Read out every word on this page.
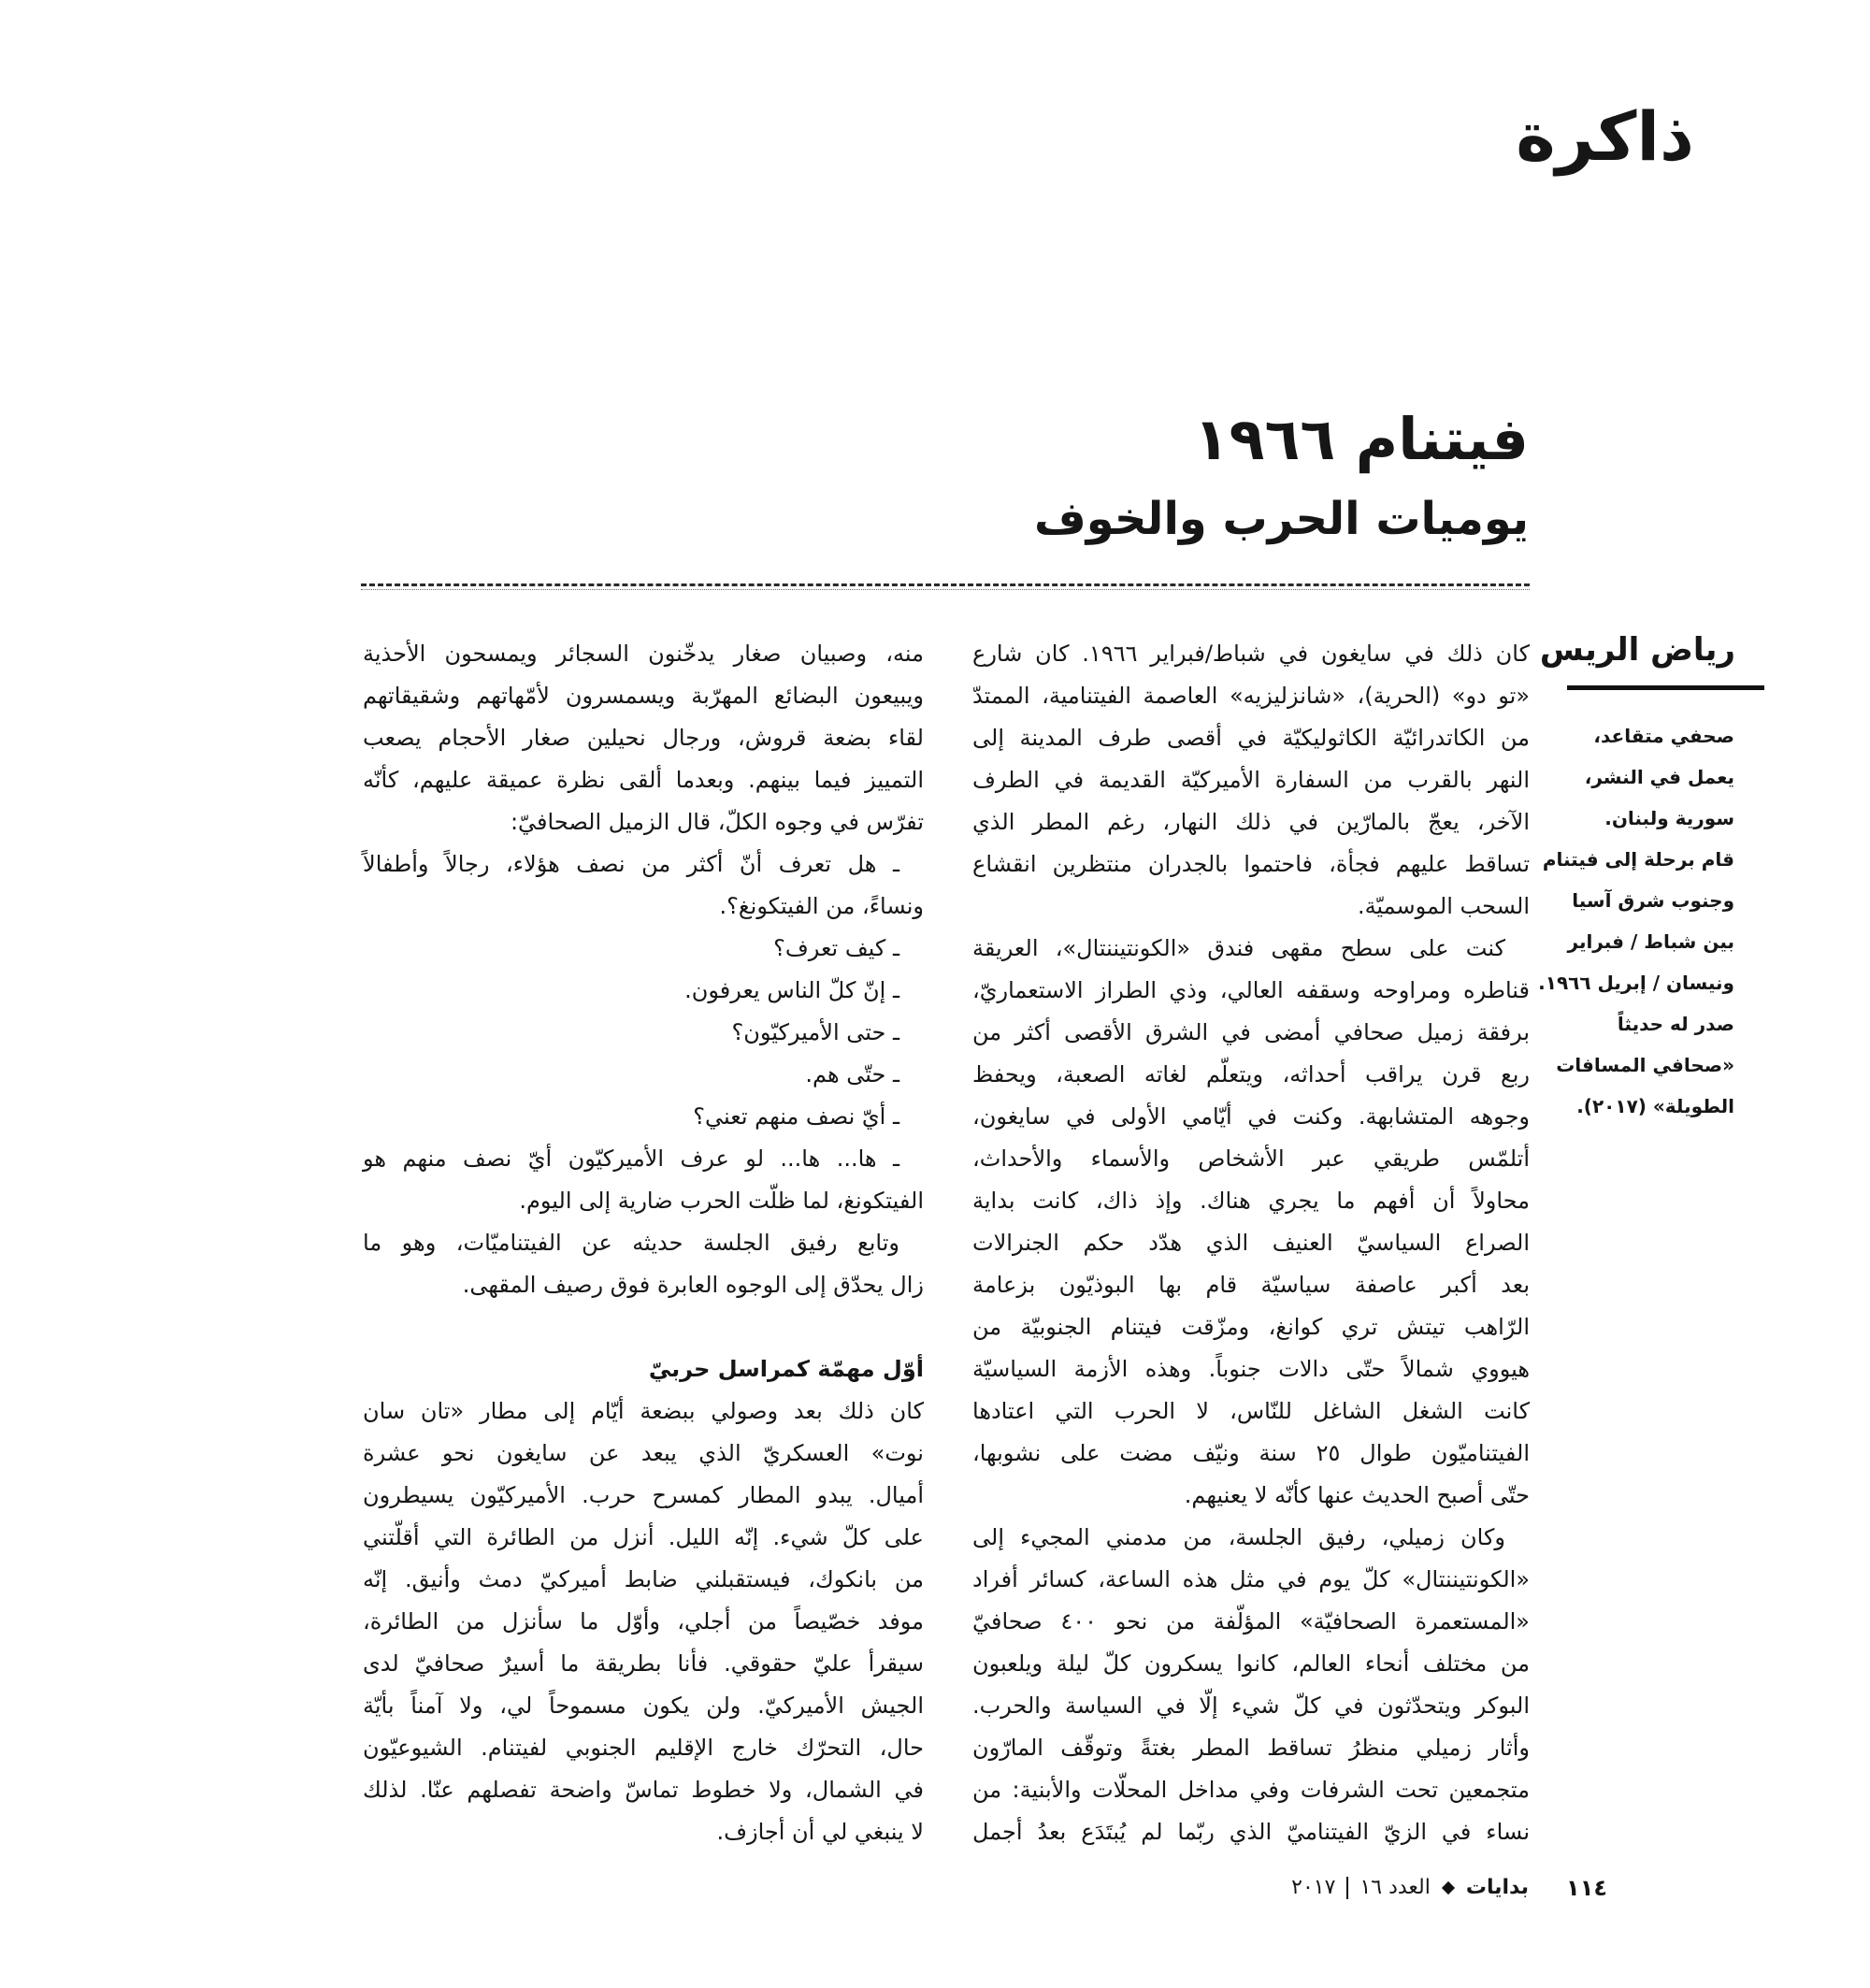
ذاكرة
فيتنام ١٩٦٦
يوميات الحرب والخوف
رياض الريس
صحفي متقاعد،
يعمل في النشر،
سورية ولبنان.
قام برحلة إلى فيتنام
وجنوب شرق آسيا
بين شباط / فبراير
ونيسان / إبريل ١٩٦٦.
صدر له حديثاً
«صحافي المسافات
الطويلة» (٢٠١٧).
كان ذلك في سايغون في شباط/فبراير ١٩٦٦. كان شارع
«تو دو» (الحرية)، «شانزليزيه» العاصمة الفيتنامية، الممتدّ
من الكاتدرائيّة الكاثوليكيّة في أقصى طرف المدينة إلى
النهر بالقرب من السفارة الأميركيّة القديمة في الطرف
الآخر، يعجّ بالمارّين في ذلك النهار، رغم المطر الذي
تساقط عليهم فجأة، فاحتموا بالجدران منتظرين انقشاع
السحب الموسميّة.
كنت على سطح مقهى فندق «الكونتيننتال»، العريقة
قناطره ومراوحه وسقفه العالي، وذي الطراز الاستعماريّ،
برفقة زميل صحافي أمضى في الشرق الأقصى أكثر من
ربع قرن يراقب أحداثه، ويتعلّم لغاته الصعبة، ويحفظ
وجوهه المتشابهة. وكنت في أيّامي الأولى في سايغون،
أتلمّس طريقي عبر الأشخاص والأسماء والأحداث،
محاولاً أن أفهم ما يجري هناك. وإذ ذاك، كانت بداية
الصراع السياسيّ العنيف الذي هدّد حكم الجنرالات
بعد أكبر عاصفة سياسيّة قام بها البوذيّون بزعامة
الرّاهب تيتش تري كوانغ، ومزّقت فيتنام الجنوبيّة من
هيووي شمالاً حتّى دالات جنوباً. وهذه الأزمة السياسيّة
كانت الشغل الشاغل للنّاس، لا الحرب التي اعتادها
الفيتناميّون طوال ٢٥ سنة ونيّف مضت على نشوبها،
حتّى أصبح الحديث عنها كأنّه لا يعنيهم.
وكان زميلي، رفيق الجلسة، من مدمني المجيء إلى
«الكونتيننتال» كلّ يوم في مثل هذه الساعة، كسائر أفراد
«المستعمرة الصحافيّة» المؤلّفة من نحو ٤٠٠ صحافيّ
من مختلف أنحاء العالم، كانوا يسكرون كلّ ليلة ويلعبون
البوكر ويتحدّثون في كلّ شيء إلّا في السياسة والحرب.
وأثار زميلي منظرُ تساقط المطر بغتةً وتوقّف المارّون
متجمعين تحت الشرفات وفي مداخل المحلّات والأبنية: من
نساء في الزيّ الفيتناميّ الذي ربّما لم يُبتَدَع بعدُ أجمل
منه، وصبيان صغار يدخّنون السجائر ويمسحون الأحذية
ويبيعون البضائع المهرّبة ويسمسرون لأمّهاتهم وشقيقاتهم
لقاء بضعة قروش، ورجال نحيلين صغار الأحجام يصعب
التمييز فيما بينهم. وبعدما ألقى نظرة عميقة عليهم، كأنّه
تفرّس في وجوه الكلّ، قال الزميل الصحافيّ:
ـ هل تعرف أنّ أكثر من نصف هؤلاء، رجالاً وأطفالاً
ونساءً، من الفيتكونغ؟.
ـ كيف تعرف؟
ـ إنّ كلّ الناس يعرفون.
ـ حتى الأميركيّون؟
ـ حتّى هم.
ـ أيّ نصف منهم تعني؟
ـ ها... ها... لو عرف الأميركيّون أيّ نصف منهم هو
الفيتكونغ، لما ظلّت الحرب ضارية إلى اليوم.
وتابع رفيق الجلسة حديثه عن الفيتناميّات، وهو ما
زال يحدّق إلى الوجوه العابرة فوق رصيف المقهى.
أوّل مهمّة كمراسل حربيّ
كان ذلك بعد وصولي ببضعة أيّام إلى مطار «تان سان
نوت» العسكريّ الذي يبعد عن سايغون نحو عشرة
أميال. يبدو المطار كمسرح حرب. الأميركيّون يسيطرون
على كلّ شيء. إنّه الليل. أنزل من الطائرة التي أقلّتني
من بانكوك، فيستقبلني ضابط أميركيّ دمث وأنيق. إنّه
موفد خصّيصاً من أجلي، وأوّل ما سأنزل من الطائرة،
سيقرأ عليّ حقوقي. فأنا بطريقة ما أسيرٌ صحافيّ لدى
الجيش الأميركيّ. ولن يكون مسموحاً لي، ولا آمناً بأيّة
حال، التحرّك خارج الإقليم الجنوبي لفيتنام. الشيوعيّون
في الشمال، ولا خطوط تماسّ واضحة تفصلهم عنّا. لذلك
لا ينبغي لي أن أجازف.
١١٤
بدايات
العدد ١٦
٢٠١٧
